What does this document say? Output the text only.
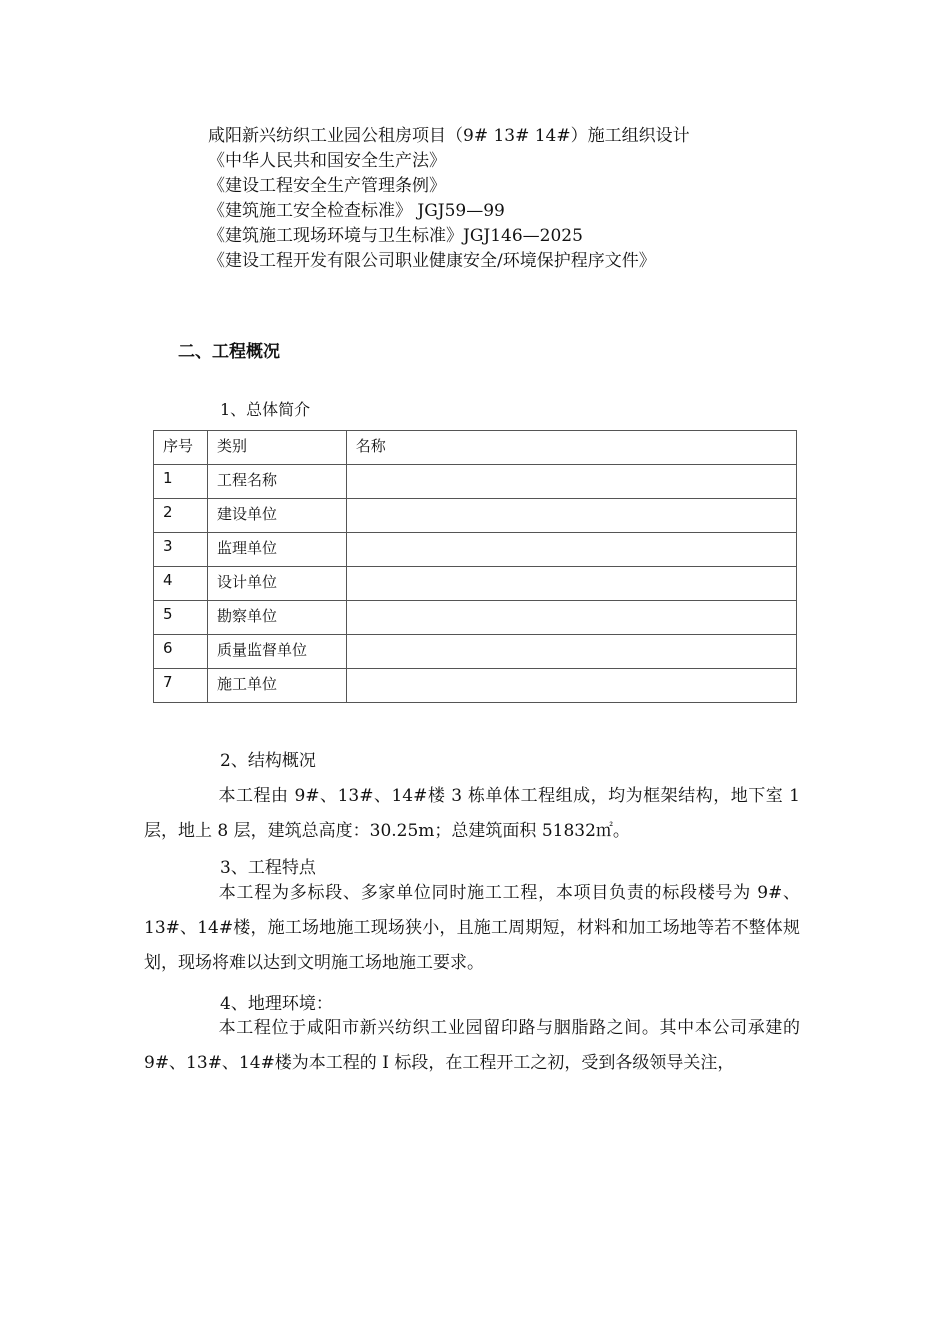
咸阳新兴纺织工业园公租房项目（9# 13# 14#）施工组织设计
《中华人民共和国安全生产法》
《建设工程安全生产管理条例》
《建筑施工安全检查标准》 JGJ59—99
《建筑施工现场环境与卫生标准》JGJ146—2025
《建设工程开发有限公司职业健康安全/环境保护程序文件》
二、工程概况
1、总体简介
序号	类别	名称
1	工程名称	
2	建设单位	
3	监理单位	
4	设计单位	
5	勘察单位	
6	质量监督单位	
7	施工单位	
2、结构概况
本工程由 9#、13#、14#楼 3 栋单体工程组成，均为框架结构，地下室 1 层，地上 8 层，建筑总高度：30.25m；总建筑面积 51832㎡。
3、工程特点
本工程为多标段、多家单位同时施工工程，本项目负责的标段楼号为 9#、13#、14#楼，施工场地施工现场狭小，且施工周期短，材料和加工场地等若不整体规划，现场将难以达到文明施工场地施工要求。
4、地理环境：
本工程位于咸阳市新兴纺织工业园留印路与胭脂路之间。其中本公司承建的 9#、13#、14#楼为本工程的 I 标段，在工程开工之初，受到各级领导关注，
